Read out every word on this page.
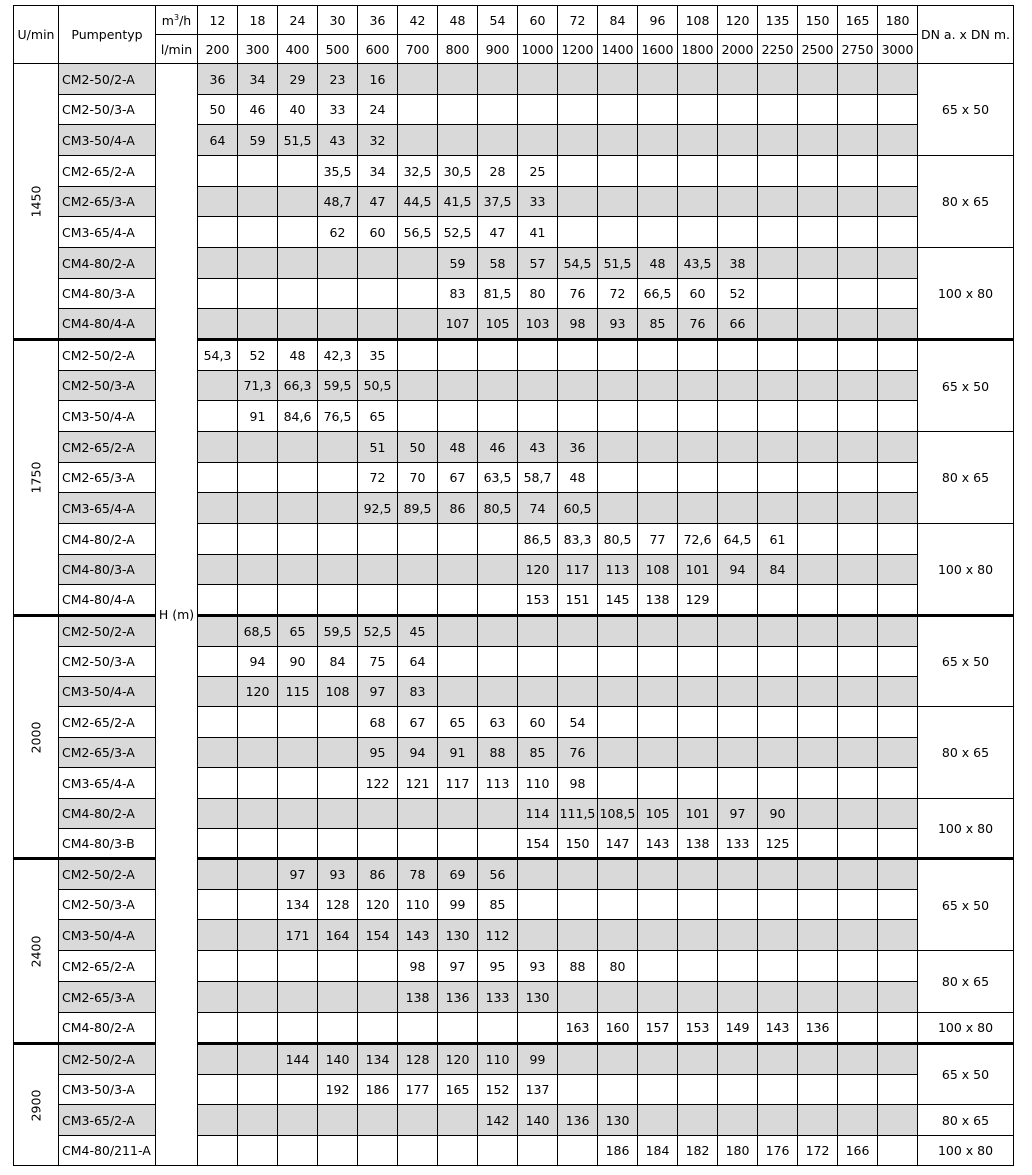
U/min	Pumpentyp	$m^3/h$	12	18	24	30	36	42	48	54	60	72	84	96	108	120	135	150	165	180	DN a. x DN m.
		l/min	200	300	400	500	600	700	800	900	1000	1200	1400	1600	1800	2000	2250	2500	2750	3000	
1450	CM2-50/2-A	H (m)	36	34	29	23	16														65 x 50
	CM2-50/3-A		50	46	40	33	24														
	CM3-50/4-A		64	59	51,5	43	32														
	CM2-65/2-A					35,5	34	32,5	30,5	28	25										80 x 65
	CM2-65/3-A					48,7	47	44,5	41,5	37,5	33										
	CM3-65/4-A					62	60	56,5	52,5	47	41										
	CM4-80/2-A								59	58	57	54,5	51,5	48	43,5	38					100 x 80
	CM4-80/3-A								83	81,5	80	76	72	66,5	60	52					
	CM4-80/4-A								107	105	103	98	93	85	76	66					
1750	CM2-50/2-A		54,3	52	48	42,3	35														65 x 50
	CM2-50/3-A			71,3	66,3	59,5	50,5														
	CM3-50/4-A			91	84,6	76,5	65														
	CM2-65/2-A						51	50	48	46	43	36									80 x 65
	CM2-65/3-A						72	70	67	63,5	58,7	48									
	CM3-65/4-A						92,5	89,5	86	80,5	74	60,5									
	CM4-80/2-A										86,5	83,3	80,5	77	72,6	64,5	61				100 x 80
	CM4-80/3-A										120	117	113	108	101	94	84				
	CM4-80/4-A										153	151	145	138	129						
2000	CM2-50/2-A			68,5	65	59,5	52,5	45													65 x 50
	CM2-50/3-A			94	90	84	75	64													
	CM3-50/4-A			120	115	108	97	83													
	CM2-65/2-A						68	67	65	63	60	54									80 x 65
	CM2-65/3-A						95	94	91	88	85	76									
	CM3-65/4-A						122	121	117	113	110	98									
	CM4-80/2-A										114	111,5	108,5	105	101	97	90				100 x 80
	CM4-80/3-B										154	150	147	143	138	133	125				
2400	CM2-50/2-A				97	93	86	78	69	56											65 x 50
	CM2-50/3-A				134	128	120	110	99	85											
	CM3-50/4-A				171	164	154	143	130	112											
	CM2-65/2-A							98	97	95	93	88	80								80 x 65
	CM2-65/3-A							138	136	133	130										
	CM4-80/2-A											163	160	157	153	149	143	136			100 x 80
2900	CM2-50/2-A				144	140	134	128	120	110	99										65 x 50
	CM3-50/3-A					192	186	177	165	152	137										
	CM3-65/2-A									142	140	136	130								80 x 65
	CM4-80/211-A												186	184	182	180	176	172	166		100 x 80
